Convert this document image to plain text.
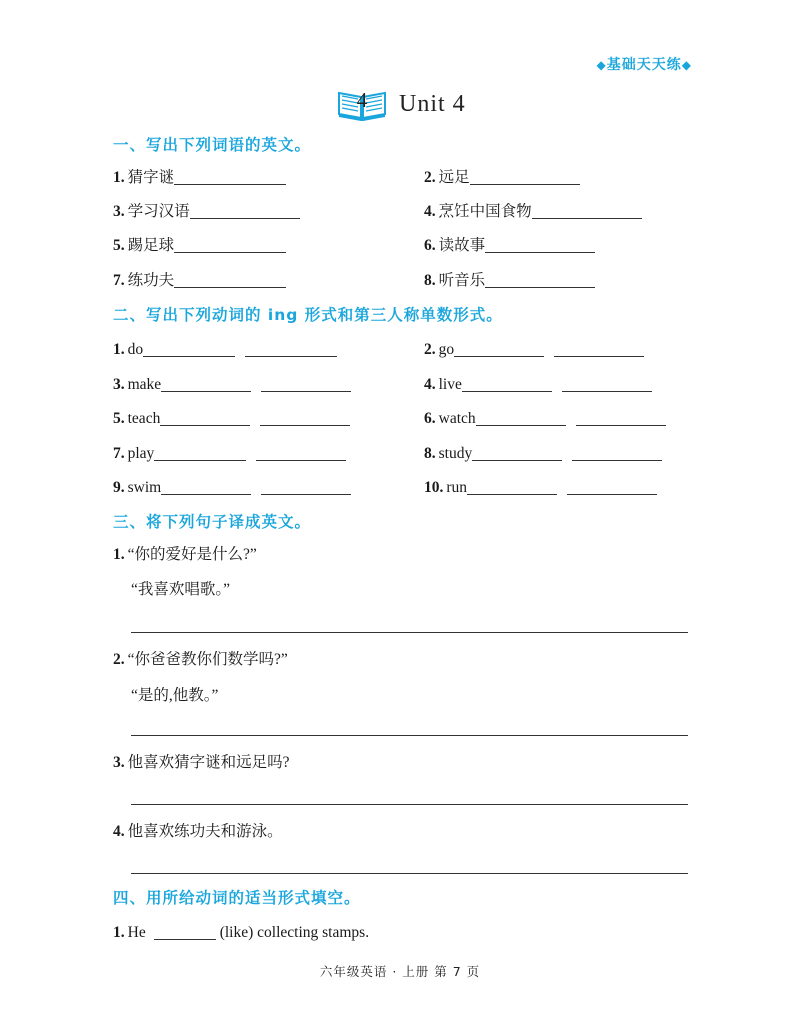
◆基础天天练◆
4	Unit 4
一、写出下列词语的英文。
1. 猜字谜	2. 远足
3. 学习汉语	4. 烹饪中国食物
5. 踢足球	6. 读故事
7. 练功夫	8. 听音乐
二、写出下列动词的 ing 形式和第三人称单数形式。
1. do	2. go
3. make	4. live
5. teach	6. watch
7. play	8. study
9. swim	10. run
三、将下列句子译成英文。
1. “你的爱好是什么?”
“我喜欢唱歌。”
2. “你爸爸教你们数学吗?”
“是的,他教。”
3. 他喜欢猜字谜和远足吗?
4. 他喜欢练功夫和游泳。
四、用所给动词的适当形式填空。
1. He	(like) collecting stamps.
六年级英语 · 上册 第 7 页
